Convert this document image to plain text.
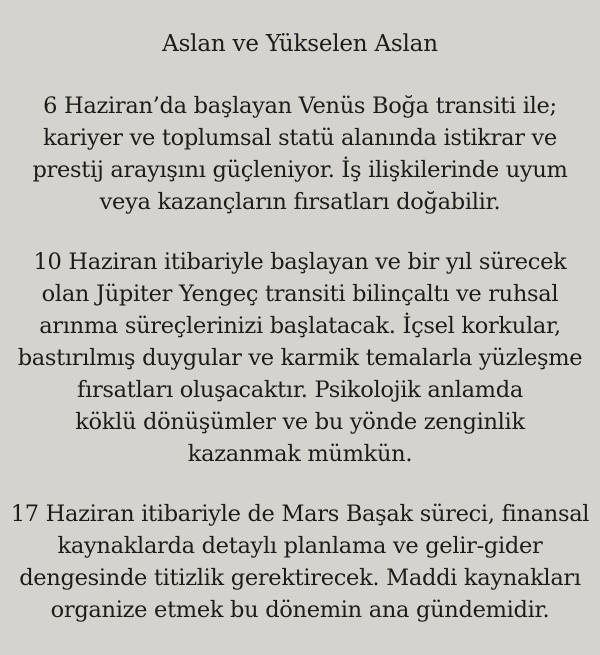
Aslan ve Yükselen Aslan
6 Haziran’da başlayan Venüs Boğa transiti ile;
kariyer ve toplumsal statü alanında istikrar ve
prestij arayışını güçleniyor. İş ilişkilerinde uyum
veya kazançların fırsatları doğabilir.
10 Haziran itibariyle başlayan ve bir yıl sürecek
olan Jüpiter Yengeç transiti bilinçaltı ve ruhsal
arınma süreçlerinizi başlatacak. İçsel korkular,
bastırılmış duygular ve karmik temalarla yüzleşme
fırsatları oluşacaktır. Psikolojik anlamda
köklü dönüşümler ve bu yönde zenginlik
kazanmak mümkün.
17 Haziran itibariyle de Mars Başak süreci, finansal
kaynaklarda detaylı planlama ve gelir-gider
dengesinde titizlik gerektirecek. Maddi kaynakları
organize etmek bu dönemin ana gündemidir.
